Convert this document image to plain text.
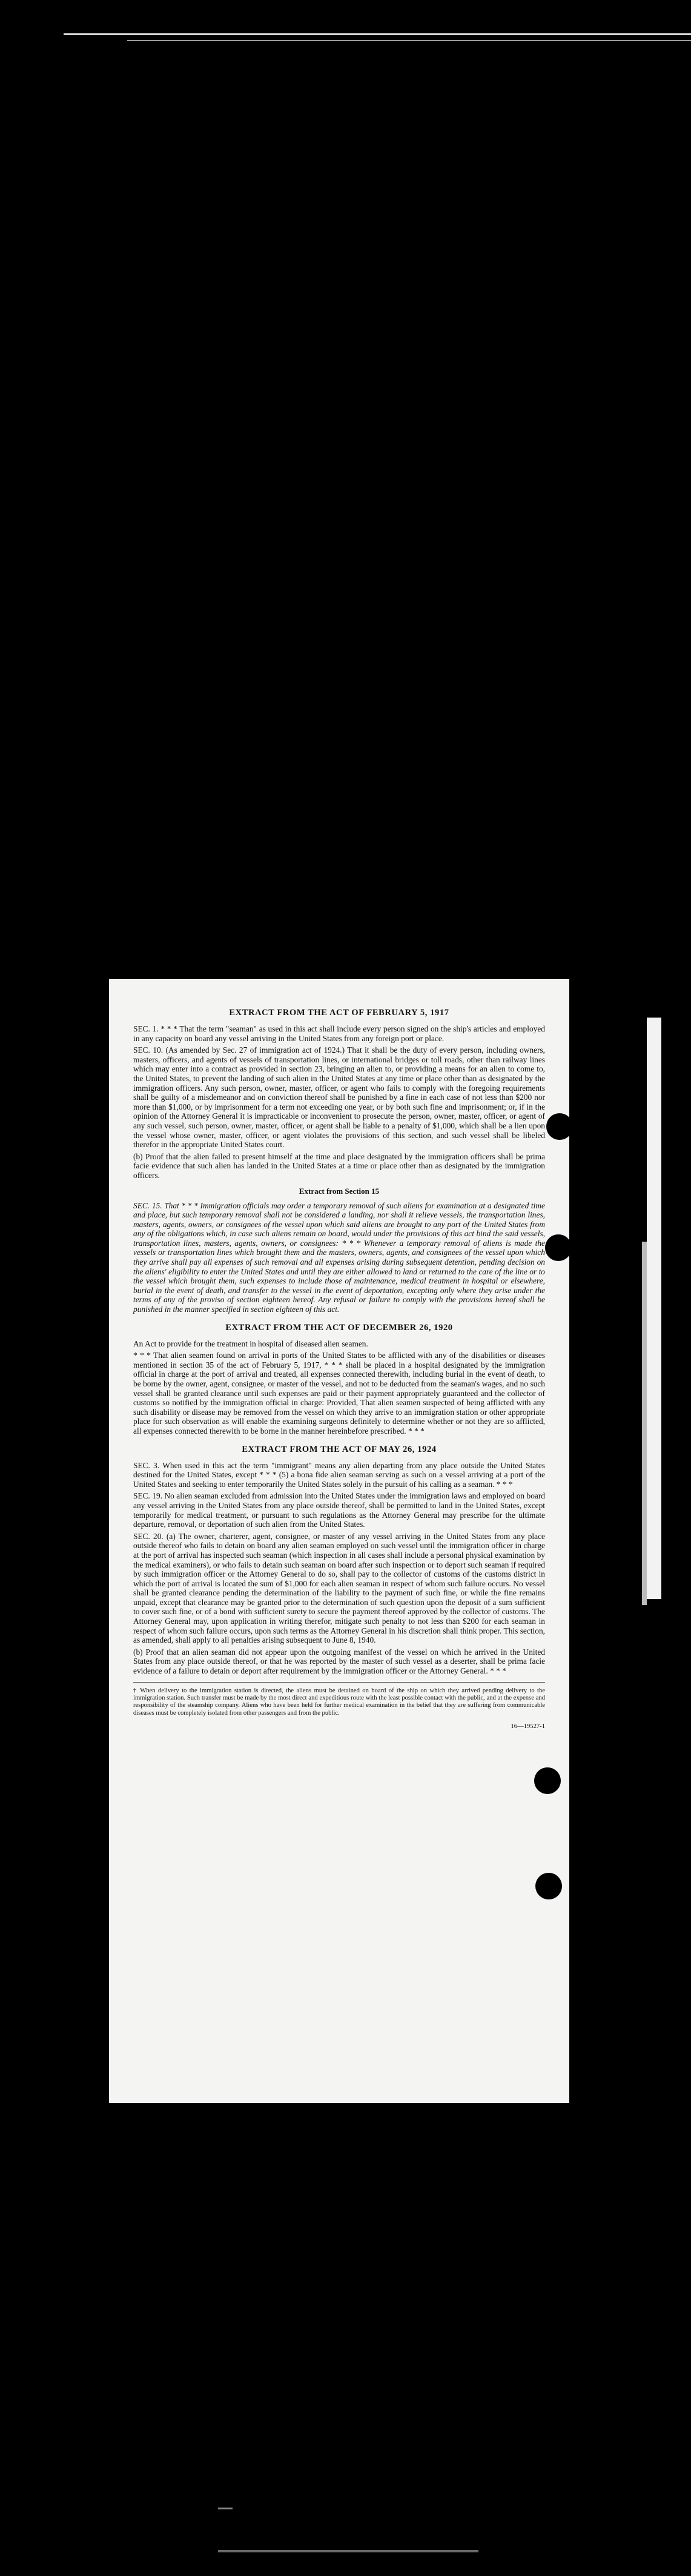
EXTRACT FROM THE ACT OF FEBRUARY 5, 1917

SEC. 1. * * * That the term "seaman" as used in this act shall include every person signed on the ship's articles and employed in any capacity on board any vessel arriving in the United States from any foreign port or place.

SEC. 10. (As amended by Sec. 27 of immigration act of 1924.) That it shall be the duty of every person, including owners, masters, officers, and agents of vessels of transportation lines, or international bridges or toll roads, other than railway lines which may enter into a contract as provided in section 23, bringing an alien to, or providing a means for an alien to come to, the United States, to prevent the landing of such alien in the United States at any time or place other than as designated by the immigration officers. Any such person, owner, master, officer, or agent who fails to comply with the foregoing requirements shall be guilty of a misdemeanor and on conviction thereof shall be punished by a fine in each case of not less than $200 nor more than $1,000, or by imprisonment for a term not exceeding one year, or by both such fine and imprisonment; or, if in the opinion of the Attorney General it is impracticable or inconvenient to prosecute the person, owner, master, officer, or agent of any such vessel, such person, owner, master, officer, or agent shall be liable to a penalty of $1,000, which shall be a lien upon the vessel whose owner, master, officer, or agent violates the provisions of this section, and such vessel shall be libeled therefor in the appropriate United States court.

(b) Proof that the alien failed to present himself at the time and place designated by the immigration officers shall be prima facie evidence that such alien has landed in the United States at a time or place other than as designated by the immigration officers.

Extract from Section 15

SEC. 15. That * * * Immigration officials may order a temporary removal of such aliens for examination at a designated time and place, but such temporary removal shall not be considered a landing, nor shall it relieve vessels, the transportation lines, masters, agents, owners, or consignees of the vessel upon which said aliens are brought to any port of the United States from any of the obligations which, in case such aliens remain on board, would under the provisions of this act bind the said vessels, transportation lines, masters, agents, owners, or consignees: * * * Whenever a temporary removal of aliens is made the vessels or transportation lines which brought them and the masters, owners, agents, and consignees of the vessel upon which they arrive shall pay all expenses of such removal and all expenses arising during subsequent detention, pending decision on the aliens' eligibility to enter the United States and until they are either allowed to land or returned to the care of the line or to the vessel which brought them, such expenses to include those of maintenance, medical treatment in hospital or elsewhere, burial in the event of death, and transfer to the vessel in the event of deportation, excepting only where they arise under the terms of any of the proviso of section eighteen hereof. Any refusal or failure to comply with the provisions hereof shall be punished in the manner specified in section eighteen of this act.

EXTRACT FROM THE ACT OF DECEMBER 26, 1920

An Act to provide for the treatment in hospital of diseased alien seamen.

* * * That alien seamen found on arrival in ports of the United States to be afflicted with any of the disabilities or diseases mentioned in section 35 of the act of February 5, 1917, * * * shall be placed in a hospital designated by the immigration official in charge at the port of arrival and treated, all expenses connected therewith, including burial in the event of death, to be borne by the owner, agent, consignee, or master of the vessel, and not to be deducted from the seaman's wages, and no such vessel shall be granted clearance until such expenses are paid or their payment appropriately guaranteed and the collector of customs so notified by the immigration official in charge: Provided, That alien seamen suspected of being afflicted with any such disability or disease may be removed from the vessel on which they arrive to an immigration station or other appropriate place for such observation as will enable the examining surgeons definitely to determine whether or not they are so afflicted, all expenses connected therewith to be borne in the manner hereinbefore prescribed. * * *

EXTRACT FROM THE ACT OF MAY 26, 1924

SEC. 3. When used in this act the term "immigrant" means any alien departing from any place outside the United States destined for the United States, except * * * (5) a bona fide alien seaman serving as such on a vessel arriving at a port of the United States and seeking to enter temporarily the United States solely in the pursuit of his calling as a seaman. * * *

SEC. 19. No alien seaman excluded from admission into the United States under the immigration laws and employed on board any vessel arriving in the United States from any place outside thereof, shall be permitted to land in the United States, except temporarily for medical treatment, or pursuant to such regulations as the Attorney General may prescribe for the ultimate departure, removal, or deportation of such alien from the United States.

SEC. 20. (a) The owner, charterer, agent, consignee, or master of any vessel arriving in the United States from any place outside thereof who fails to detain on board any alien seaman employed on such vessel until the immigration officer in charge at the port of arrival has inspected such seaman (which inspection in all cases shall include a personal physical examination by the medical examiners), or who fails to detain such seaman on board after such inspection or to deport such seaman if required by such immigration officer or the Attorney General to do so, shall pay to the collector of customs of the customs district in which the port of arrival is located the sum of $1,000 for each alien seaman in respect of whom such failure occurs. No vessel shall be granted clearance pending the determination of the liability to the payment of such fine, or while the fine remains unpaid, except that clearance may be granted prior to the determination of such question upon the deposit of a sum sufficient to cover such fine, or of a bond with sufficient surety to secure the payment thereof approved by the collector of customs. The Attorney General may, upon application in writing therefor, mitigate such penalty to not less than $200 for each seaman in respect of whom such failure occurs, upon such terms as the Attorney General in his discretion shall think proper. This section, as amended, shall apply to all penalties arising subsequent to June 8, 1940.

(b) Proof that an alien seaman did not appear upon the outgoing manifest of the vessel on which he arrived in the United States from any place outside thereof, or that he was reported by the master of such vessel as a deserter, shall be prima facie evidence of a failure to detain or deport after requirement by the immigration officer or the Attorney General. * * *

† When delivery to the immigration station is directed, the aliens must be detained on board of the ship on which they arrived pending delivery to the immigration station. Such transfer must be made by the most direct and expeditious route with the least possible contact with the public, and at the expense and responsibility of the steamship company. Aliens who have been held for further medical examination in the belief that they are suffering from communicable diseases must be completely isolated from other passengers and from the public.

16—19527-1
